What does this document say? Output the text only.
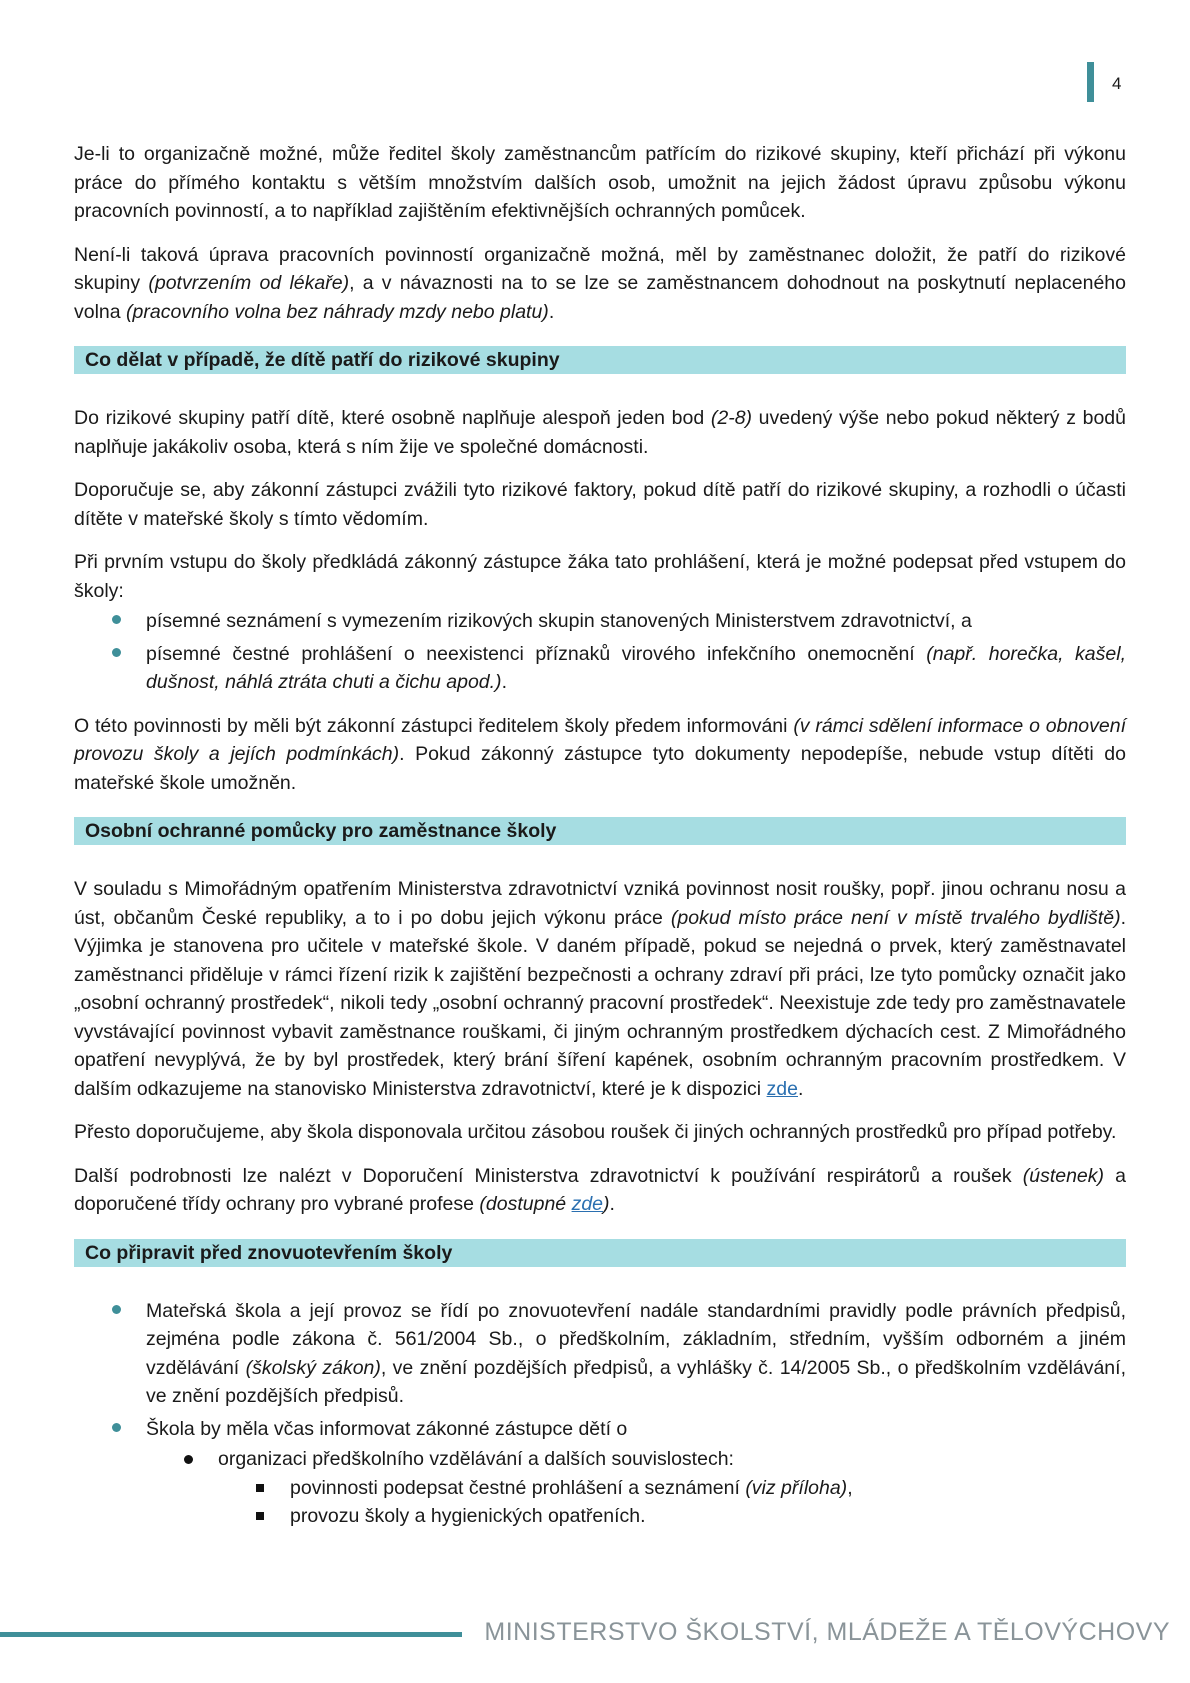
4

Je-li to organizačně možné, může ředitel školy zaměstnancům patřícím do rizikové skupiny, kteří přichází při výkonu práce do přímého kontaktu s větším množstvím dalších osob, umožnit na jejich žádost úpravu způsobu výkonu pracovních povinností, a to například zajištěním efektivnějších ochranných pomůcek.

Není-li taková úprava pracovních povinností organizačně možná, měl by zaměstnanec doložit, že patří do rizikové skupiny (potvrzením od lékaře), a v návaznosti na to se lze se zaměstnancem dohodnout na poskytnutí neplaceného volna (pracovního volna bez náhrady mzdy nebo platu).

Co dělat v případě, že dítě patří do rizikové skupiny

Do rizikové skupiny patří dítě, které osobně naplňuje alespoň jeden bod (2-8) uvedený výše nebo pokud některý z bodů naplňuje jakákoliv osoba, která s ním žije ve společné domácnosti.

Doporučuje se, aby zákonní zástupci zvážili tyto rizikové faktory, pokud dítě patří do rizikové skupiny, a rozhodli o účasti dítěte v mateřské školy s tímto vědomím.

Při prvním vstupu do školy předkládá zákonný zástupce žáka tato prohlášení, která je možné podepsat před vstupem do školy:

písemné seznámení s vymezením rizikových skupin stanovených Ministerstvem zdravotnictví, a
písemné čestné prohlášení o neexistenci příznaků virového infekčního onemocnění (např. horečka, kašel, dušnost, náhlá ztráta chuti a čichu apod.).

O této povinnosti by měli být zákonní zástupci ředitelem školy předem informováni (v rámci sdělení informace o obnovení provozu školy a jejích podmínkách). Pokud zákonný zástupce tyto dokumenty nepodepíše, nebude vstup dítěti do mateřské školе umožněn.

Osobní ochranné pomůcky pro zaměstnance školy

V souladu s Mimořádným opatřením Ministerstva zdravotnictví vzniká povinnost nosit roušky, popř. jinou ochranu nosu a úst, občanům České republiky, a to i po dobu jejich výkonu práce (pokud místo práce není v místě trvalého bydliště). Výjimka je stanovena pro učitele v mateřské škole. V daném případě, pokud se nejedná o prvek, který zaměstnavatel zaměstnanci přiděluje v rámci řízení rizik k zajištění bezpečnosti a ochrany zdraví při práci, lze tyto pomůcky označit jako „osobní ochranný prostředek“, nikoli tedy „osobní ochranný pracovní prostředek“. Neexistuje zde tedy pro zaměstnavatele vyvstávající povinnost vybavit zaměstnance rouškami, či jiným ochranným prostředkem dýchacích cest. Z Mimořádného opatření nevyplývá, že by byl prostředek, který brání šíření kapének, osobním ochranným pracovním prostředkem. V dalším odkazujeme na stanovisko Ministerstva zdravotnictví, které je k dispozici zde.

Přesto doporučujeme, aby škola disponovala určitou zásobou roušek či jiných ochranných prostředků pro případ potřeby.

Další podrobnosti lze nalézt v Doporučení Ministerstva zdravotnictví k používání respirátorů a roušek (ústenek) a doporučené třídy ochrany pro vybrané profese (dostupné zde).

Co připravit před znovuotevřením školy
Mateřská škola a její provoz se řídí po znovuotevření nadále standardními pravidly podle právních předpisů, zejména podle zákona č. 561/2004 Sb., o předškolním, základním, středním, vyšším odborném a jiném vzdělávání (školský zákon), ve znění pozdějších předpisů, a vyhlášky č. 14/2005 Sb., o předškolním vzdělávání, ve znění pozdějších předpisů.
Škola by měla včas informovat zákonné zástupce dětí o
organizaci předškolního vzdělávání a dalších souvislostech:
povinnosti podepsat čestné prohlášení a seznámení (viz příloha),
provozu školy a hygienických opatřeních.
MINISTERSTVO ŠKOLSTVÍ, MLÁDEŽE A TĚLOVÝCHOVY
